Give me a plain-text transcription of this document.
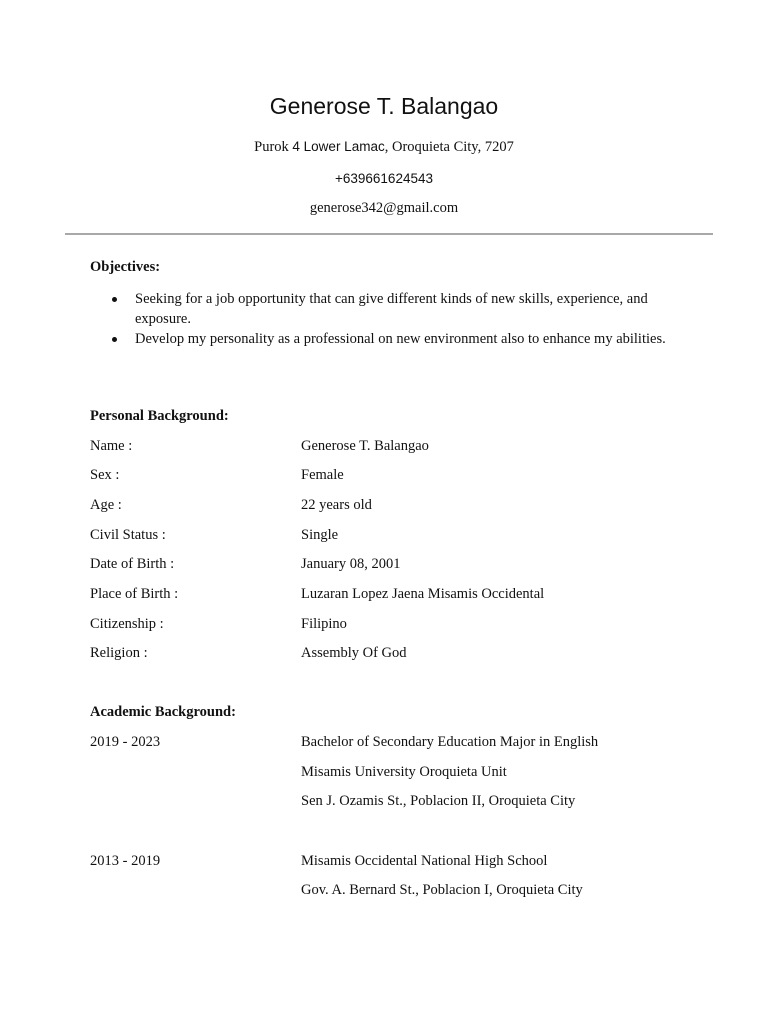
Generose T. Balangao
Purok 4 Lower Lamac, Oroquieta City, 7207
+639661624543
generose342@gmail.com
Objectives:
Seeking for a job opportunity that can give different kinds of new skills, experience, and exposure.
Develop my personality as a professional on new environment also to enhance my abilities.
Personal Background:
Name :	Generose T. Balangao
Sex :	Female
Age :	22 years old
Civil Status :	Single
Date of Birth :	January 08, 2001
Place of Birth :	Luzaran Lopez Jaena Misamis Occidental
Citizenship :	Filipino
Religion :	Assembly Of God
Academic Background:
2019 - 2023	Bachelor of Secondary Education Major in English
Misamis University Oroquieta Unit
Sen J. Ozamis St., Poblacion II, Oroquieta City
2013 - 2019	Misamis Occidental National High School
Gov. A. Bernard St., Poblacion I, Oroquieta City
